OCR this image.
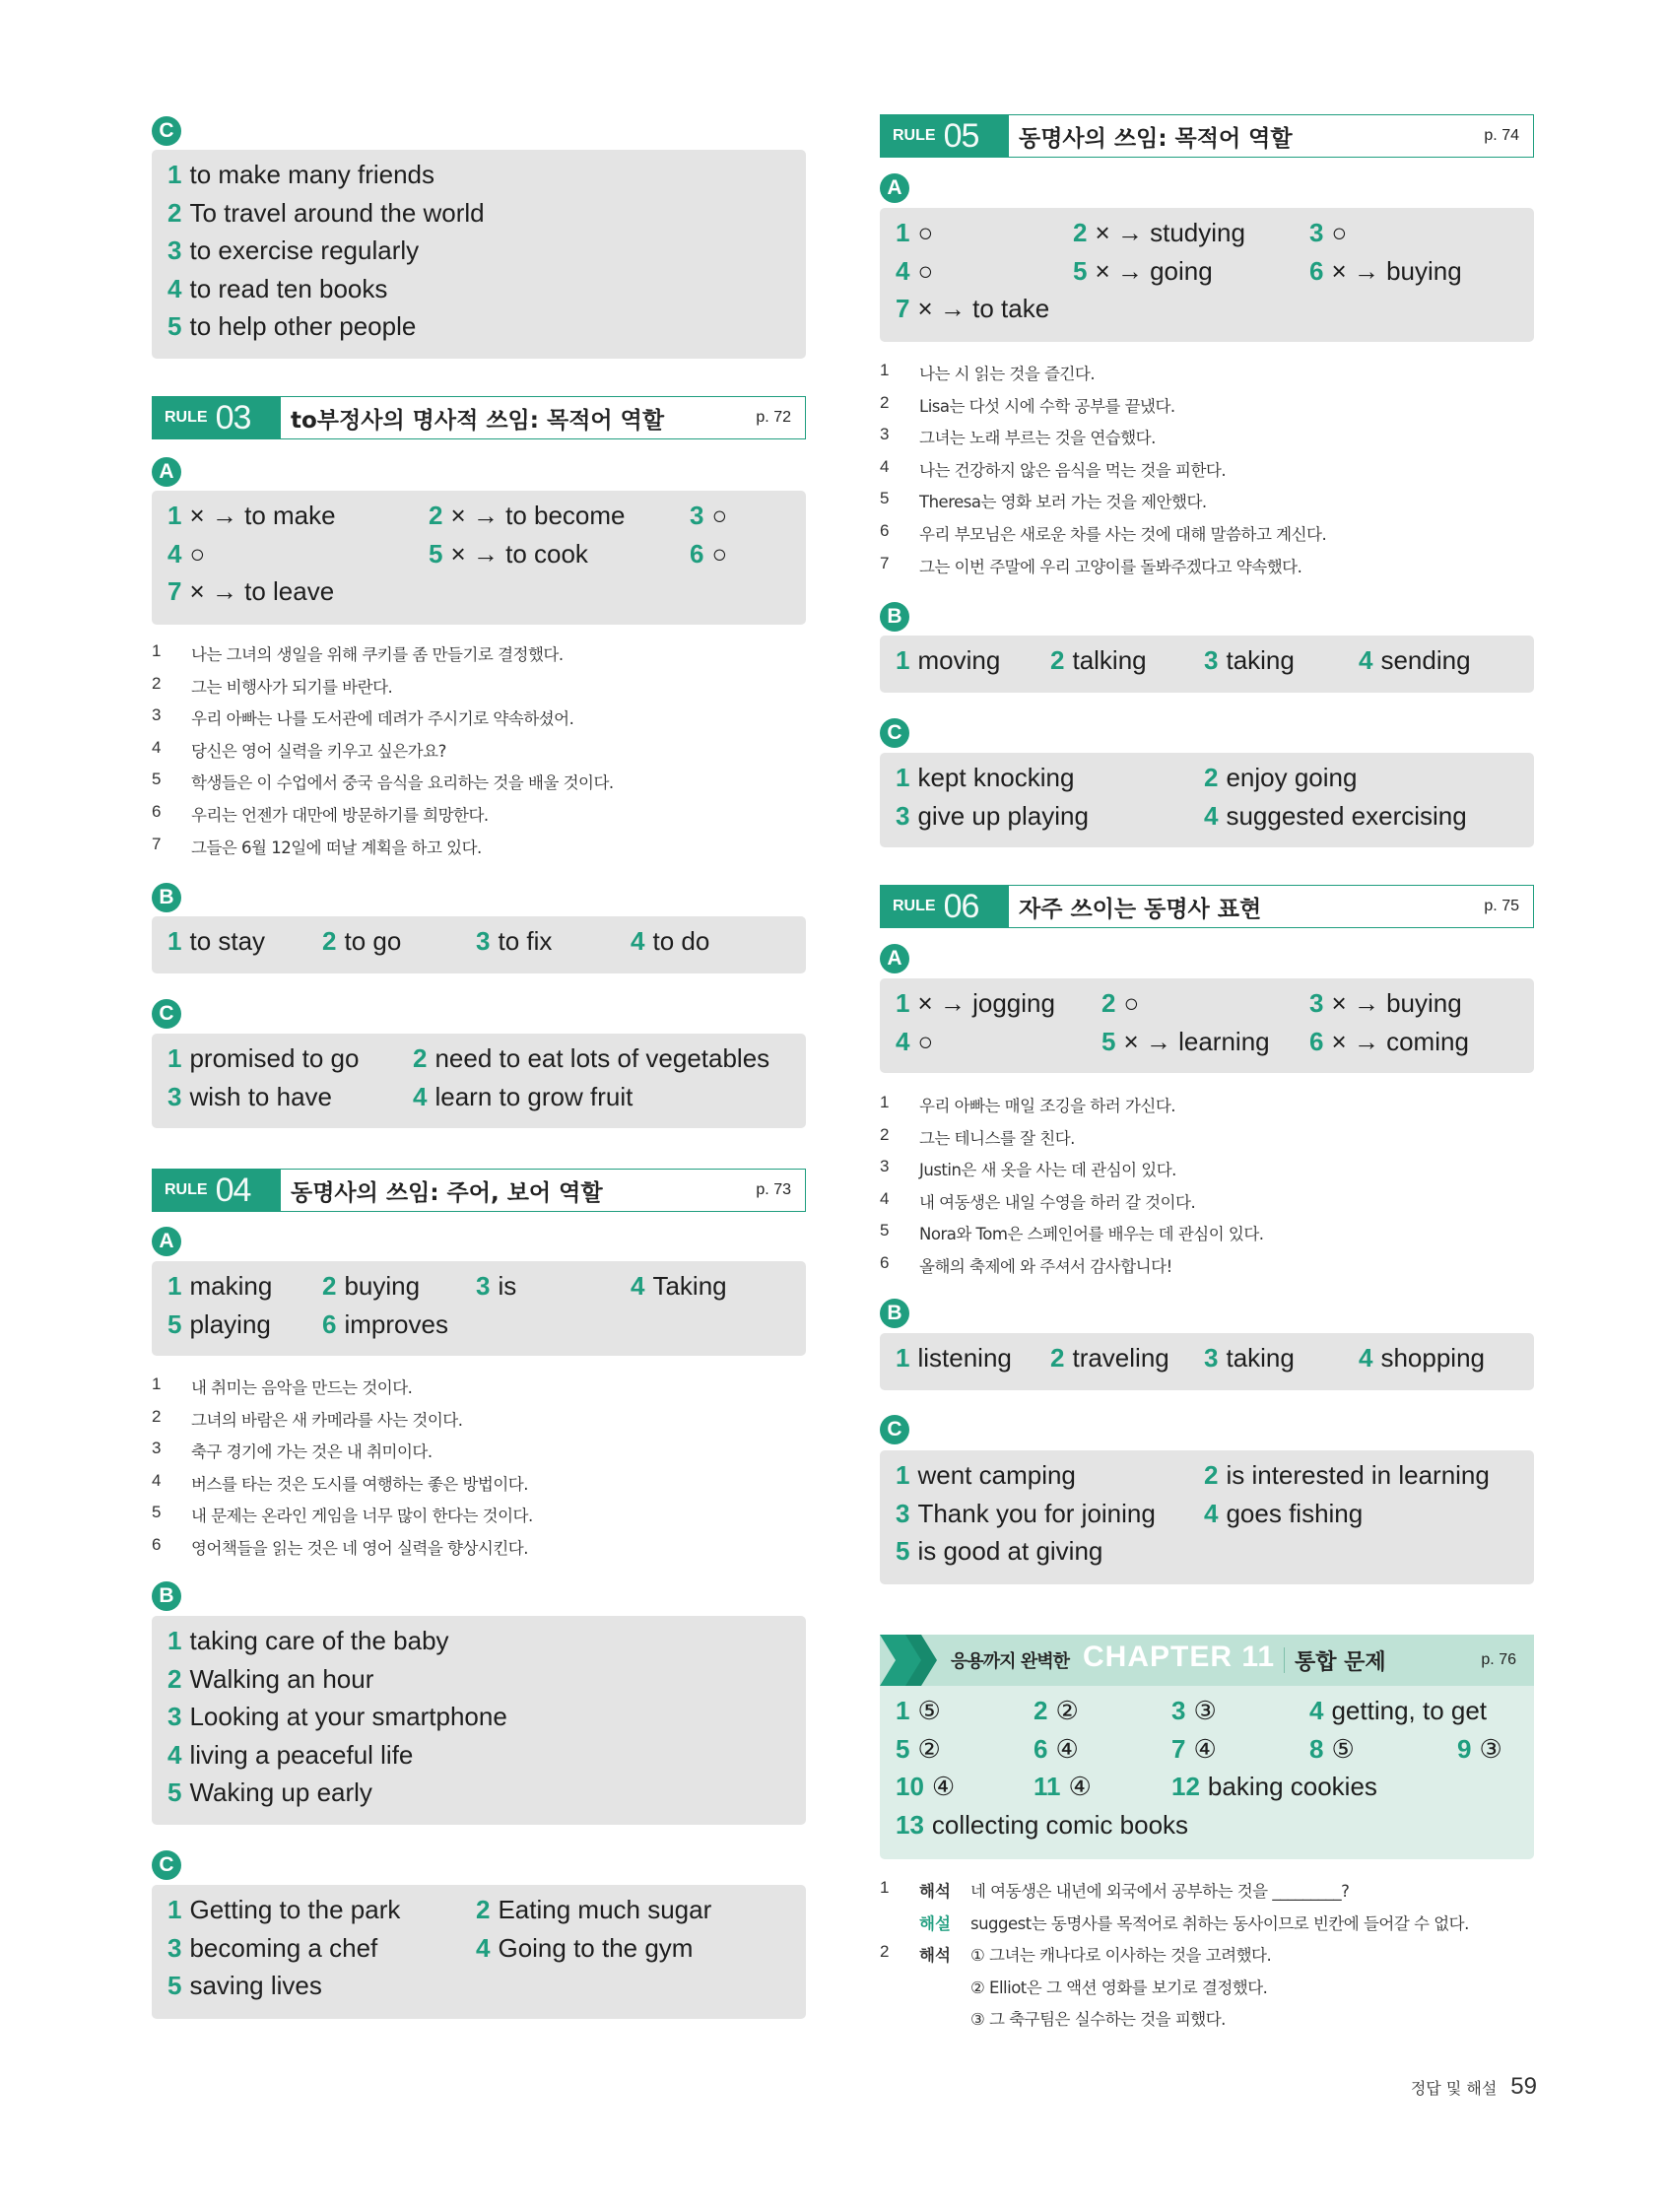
C
1 to make many friends
2 To travel around the world
3 to exercise regularly
4 to read ten books
5 to help other people
RULE 03 to부정사의 명사적 쓰임: 목적어 역할	p. 72
A
1 × → to make	2 × → to become	3 ○
4 ○	5 × → to cook	6 ○
7 × → to leave
1 나는 그녀의 생일을 위해 쿠키를 좀 만들기로 결정했다.
2 그는 비행사가 되기를 바란다.
3 우리 아빠는 나를 도서관에 데려가 주시기로 약속하셨어.
4 당신은 영어 실력을 키우고 싶은가요?
5 학생들은 이 수업에서 중국 음식을 요리하는 것을 배울 것이다.
6 우리는 언젠가 대만에 방문하기를 희망한다.
7 그들은 6월 12일에 떠날 계획을 하고 있다.
B
1 to stay 2 to go	3 to fix	4 to do
C
1 promised to go 2 need to eat lots of vegetables
3 wish to have	4 learn to grow fruit
RULE 04 동명사의 쓰임: 주어, 보어 역할	p. 73
A
1 making 2 buying 3 is	4 Taking
5 playing 6 improves
1 내 취미는 음악을 만드는 것이다.
2 그녀의 바람은 새 카메라를 사는 것이다.
3 축구 경기에 가는 것은 내 취미이다.
4 버스를 타는 것은 도시를 여행하는 좋은 방법이다.
5 내 문제는 온라인 게임을 너무 많이 한다는 것이다.
6 영어책들을 읽는 것은 네 영어 실력을 향상시킨다.
B
1 taking care of the baby
2 Walking an hour
3 Looking at your smartphone
4 living a peaceful life
5 Waking up early
C
1 Getting to the park	2 Eating much sugar
3 becoming a chef	4 Going to the gym
5 saving lives
RULE 05 동명사의 쓰임: 목적어 역할	p. 74
A
1 ○	2 × → studying	3 ○
4 ○	5 × → going	6 × → buying
7 × → to take
1 나는 시 읽는 것을 즐긴다.
2 Lisa는 다섯 시에 수학 공부를 끝냈다.
3 그녀는 노래 부르는 것을 연습했다.
4 나는 건강하지 않은 음식을 먹는 것을 피한다.
5 Theresa는 영화 보러 가는 것을 제안했다.
6 우리 부모님은 새로운 차를 사는 것에 대해 말씀하고 계신다.
7 그는 이번 주말에 우리 고양이를 돌봐주겠다고 약속했다.
B
1 moving 2 talking 3 taking	4 sending
C
1 kept knocking	2 enjoy going
3 give up playing	4 suggested exercising
RULE 06 자주 쓰이는 동명사 표현	p. 75
A
1 × → jogging 2 ○	3 × → buying
4 ○	5 × → learning 6 × → coming
1 우리 아빠는 매일 조깅을 하러 가신다.
2 그는 테니스를 잘 친다.
3 Justin은 새 옷을 사는 데 관심이 있다.
4 내 여동생은 내일 수영을 하러 갈 것이다.
5 Nora와 Tom은 스페인어를 배우는 데 관심이 있다.
6 올해의 축제에 와 주셔서 감사합니다!
B
1 listening 2 traveling 3 taking	4 shopping
C
1 went camping	2 is interested in learning
3 Thank you for joining 4 goes fishing
5 is good at giving
응용까지 완벽한 CHAPTER 11 통합 문제	p. 76
1 ⑤	2 ②	3 ③	4 getting, to get
5 ②	6 ④	7 ④	8 ⑤	9 ③
10 ④	11 ④	12 baking cookies
13 collecting comic books
1 해석 네 여동생은 내년에 외국에서 공부하는 것을 _________?
해설 suggest는 동명사를 목적어로 취하는 동사이므로 빈칸에 들어갈 수 없다.
2 해석 ① 그녀는 캐나다로 이사하는 것을 고려했다.
② Elliot은 그 액션 영화를 보기로 결정했다.
③ 그 축구팀은 실수하는 것을 피했다.
정답 및 해설 59
